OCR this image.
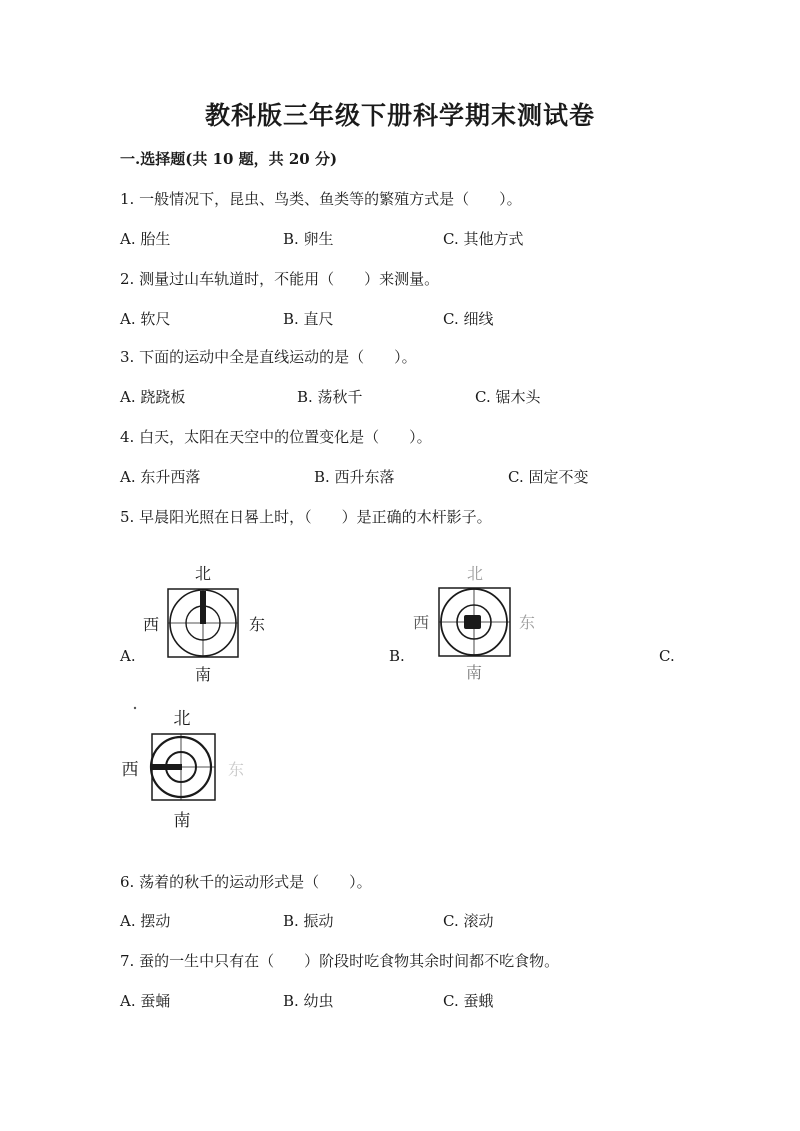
教科版三年级下册科学期末测试卷
一.选择题(共 10 题，共 20 分)
1. 一般情况下，昆虫、鸟类、鱼类等的繁殖方式是（　　）。
A. 胎生	B. 卵生	C. 其他方式
2. 测量过山车轨道时，不能用（　　）来测量。
A. 软尺	B. 直尺	C. 细线
3. 下面的运动中全是直线运动的是（　　）。
A. 跷跷板	B. 荡秋千	C. 锯木头
4. 白天，太阳在天空中的位置变化是（　　）。
A. 东升西落	B. 西升东落	C. 固定不变
5. 早晨阳光照在日晷上时，（　　）是正确的木杆影子。
A.
北
西	东
南
B.
北
西	东
南
C.
北
西	东
南
6. 荡着的秋千的运动形式是（　　）。
A. 摆动	B. 振动	C. 滚动
7. 蚕的一生中只有在（　　）阶段时吃食物其余时间都不吃食物。
A. 蚕蛹	B. 幼虫	C. 蚕蛾
